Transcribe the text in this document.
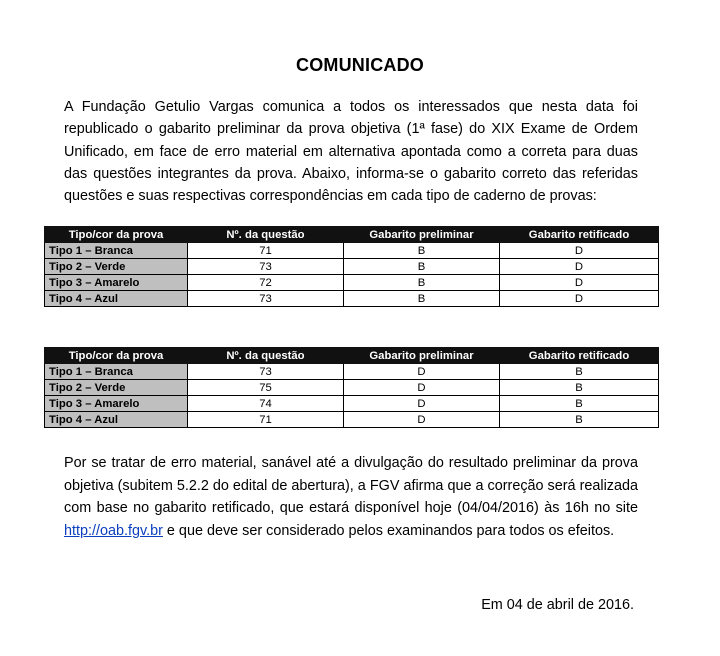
COMUNICADO

A Fundação Getulio Vargas comunica a todos os interessados que nesta data foi republicado o gabarito preliminar da prova objetiva (1ª fase) do XIX Exame de Ordem Unificado, em face de erro material em alternativa apontada como a correta para duas das questões integrantes da prova. Abaixo, informa-se o gabarito correto das referidas questões e suas respectivas correspondências em cada tipo de caderno de provas:

Tipo/cor da prova	Nº. da questão	Gabarito preliminar	Gabarito retificado
Tipo 1 – Branca	71	B	D
Tipo 2 – Verde	73	B	D
Tipo 3 – Amarelo	72	B	D
Tipo 4 – Azul	73	B	D
Tipo/cor da prova	Nº. da questão	Gabarito preliminar	Gabarito retificado
Tipo 1 – Branca	73	D	B
Tipo 2 – Verde	75	D	B
Tipo 3 – Amarelo	74	D	B
Tipo 4 – Azul	71	D	B

Por se tratar de erro material, sanável até a divulgação do resultado preliminar da prova objetiva (subitem 5.2.2 do edital de abertura), a FGV afirma que a correção será realizada com base no gabarito retificado, que estará disponível hoje (04/04/2016) às 16h no site http://oab.fgv.br e que deve ser considerado pelos examinandos para todos os efeitos.

Em 04 de abril de 2016.
